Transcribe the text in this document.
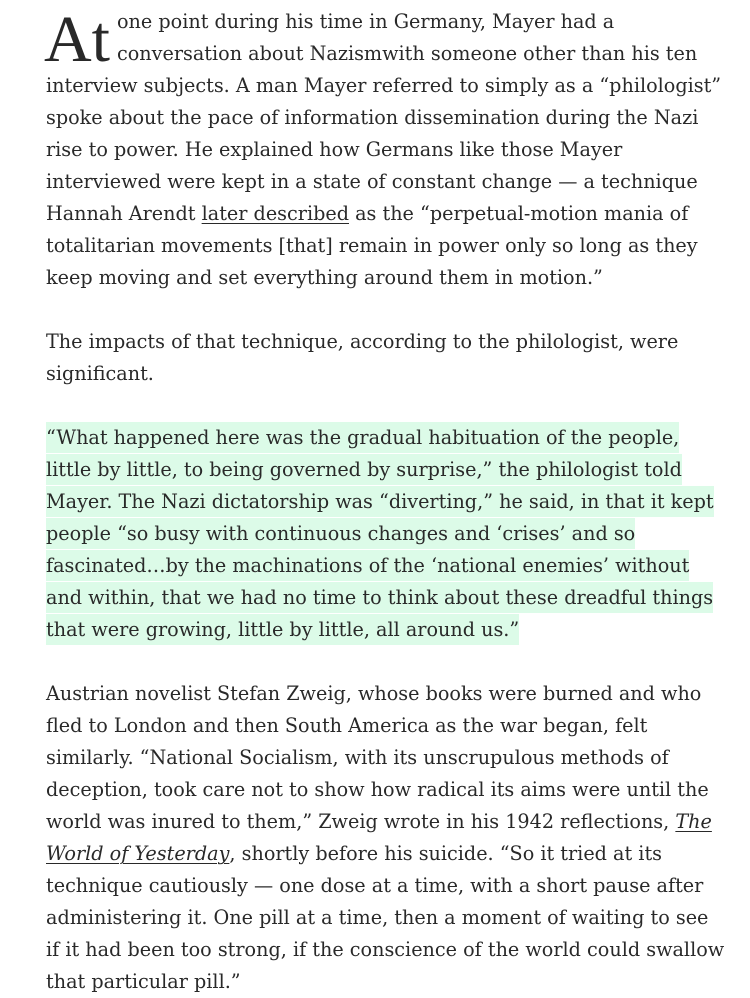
At one point during his time in Germany, Mayer had a conversation about Nazismwith someone other than his ten interview subjects. A man Mayer referred to simply as a “philologist” spoke about the pace of information dissemination during the Nazi rise to power. He explained how Germans like those Mayer interviewed were kept in a state of constant change — a technique Hannah Arendt later described as the “perpetual-motion mania of totalitarian movements [that] remain in power only so long as they keep moving and set everything around them in motion.”

The impacts of that technique, according to the philologist, were significant.

“What happened here was the gradual habituation of the people, little by little, to being governed by surprise,” the philologist told Mayer. The Nazi dictatorship was “diverting,” he said, in that it kept people “so busy with continuous changes and ‘crises’ and so fascinated…by the machinations of the ‘national enemies’ without and within, that we had no time to think about these dreadful things that were growing, little by little, all around us.”

Austrian novelist Stefan Zweig, whose books were burned and who fled to London and then South America as the war began, felt similarly. “National Socialism, with its unscrupulous methods of deception, took care not to show how radical its aims were until the world was inured to them,” Zweig wrote in his 1942 reflections, The World of Yesterday, shortly before his suicide. “So it tried at its technique cautiously — one dose at a time, with a short pause after administering it. One pill at a time, then a moment of waiting to see if it had been too strong, if the conscience of the world could swallow that particular pill.”
